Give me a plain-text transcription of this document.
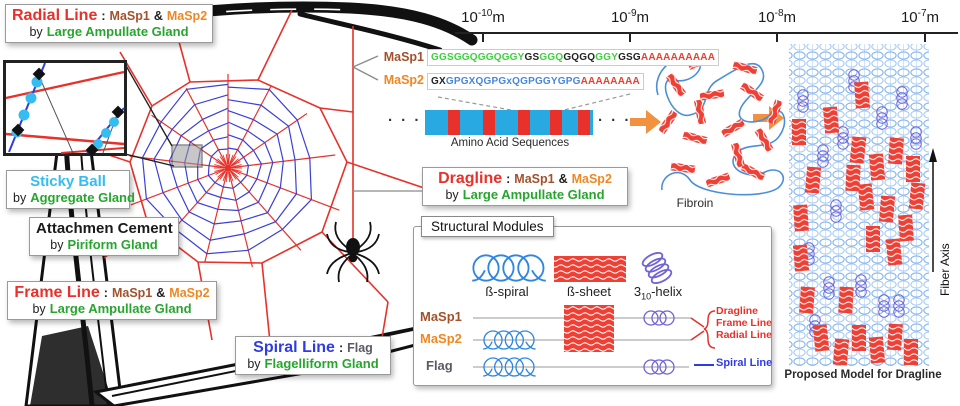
Radial Line : MaSp1 & MaSp2
by Large Ampullate Gland
Sticky Ball
by Aggregate Gland
Attachmen Cement
by Piriform Gland
Frame Line : MaSp1 & MaSp2
by Large Ampullate Gland
Spiral Line : Flag
by Flagelliform Gland
Dragline : MaSp1 & MaSp2
by Large Ampullate Gland
$10^{-10}m$	$10^{-9}m$	$10^{-8}m$	$10^{-7}m$
MaSp1
MaSp2
GGSGGQGGQGGYGSGGQGQGQGGYGSGAAAAAAAAAA
GXGPGXQGPGxQGPGGYGPGAAAAAAAA
· · ·	· · ·
Amino Acid Sequences
Fibroin
Structural Modules
ß-spiral	ß-sheet	$3_{10}$-helix
MaSp1
MaSp2
Flag
Dragline
Frame Line
Radial Line
Spiral Line
Proposed Model for Dragline
Fiber Axis
